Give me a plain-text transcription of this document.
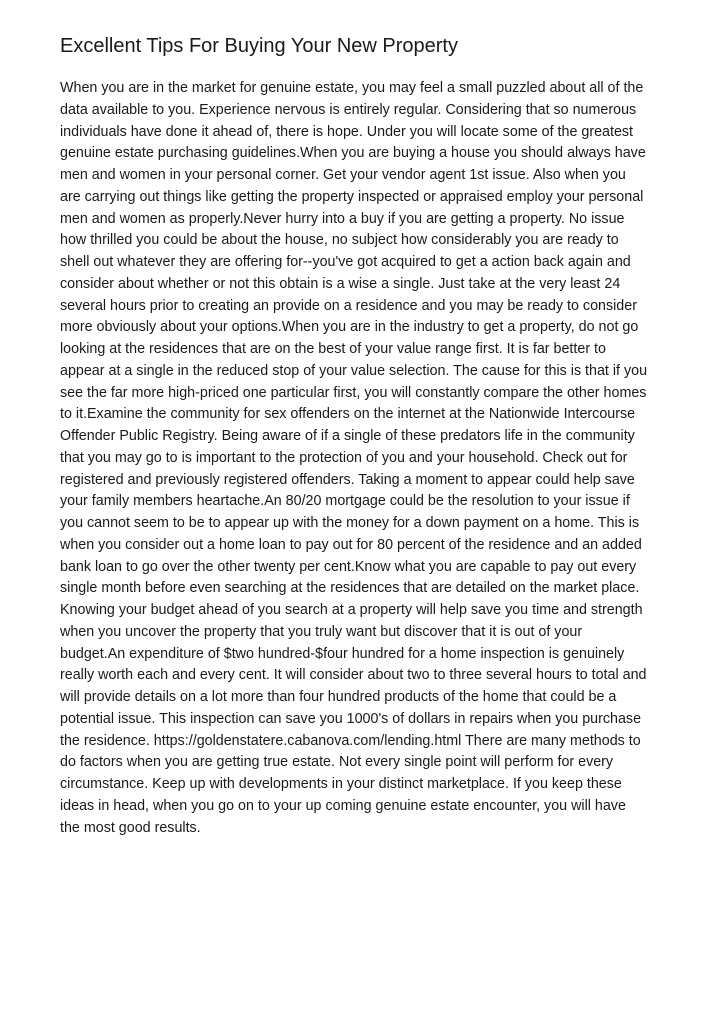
Excellent Tips For Buying Your New Property
When you are in the market for genuine estate, you may feel a small puzzled about all of the
data available to you. Experience nervous is entirely regular. Considering that so numerous
individuals have done it ahead of, there is hope. Under you will locate some of the greatest
genuine estate purchasing guidelines.When you are buying a house you should always have
men and women in your personal corner. Get your vendor agent 1st issue. Also when you
are carrying out things like getting the property inspected or appraised employ your personal
men and women as properly.Never hurry into a buy if you are getting a property. No issue
how thrilled you could be about the house, no subject how considerably you are ready to
shell out whatever they are offering for--you've got acquired to get a action back again and
consider about whether or not this obtain is a wise a single. Just take at the very least 24
several hours prior to creating an provide on a residence and you may be ready to consider
more obviously about your options.When you are in the industry to get a property, do not go
looking at the residences that are on the best of your value range first. It is far better to
appear at a single in the reduced stop of your value selection. The cause for this is that if you
see the far more high-priced one particular first, you will constantly compare the other homes
to it.Examine the community for sex offenders on the internet at the Nationwide Intercourse
Offender Public Registry. Being aware of if a single of these predators life in the community
that you may go to is important to the protection of you and your household. Check out for
registered and previously registered offenders. Taking a moment to appear could help save
your family members heartache.An 80/20 mortgage could be the resolution to your issue if
you cannot seem to be to appear up with the money for a down payment on a home. This is
when you consider out a home loan to pay out for 80 percent of the residence and an added
bank loan to go over the other twenty per cent.Know what you are capable to pay out every
single month before even searching at the residences that are detailed on the market place.
Knowing your budget ahead of you search at a property will help save you time and strength
when you uncover the property that you truly want but discover that it is out of your
budget.An expenditure of $two hundred-$four hundred for a home inspection is genuinely
really worth each and every cent. It will consider about two to three several hours to total and
will provide details on a lot more than four hundred products of the home that could be a
potential issue. This inspection can save you 1000's of dollars in repairs when you purchase
the residence. https://goldenstatere.cabanova.com/lending.html There are many methods to
do factors when you are getting true estate. Not every single point will perform for every
circumstance. Keep up with developments in your distinct marketplace. If you keep these
ideas in head, when you go on to your up coming genuine estate encounter, you will have
the most good results.
